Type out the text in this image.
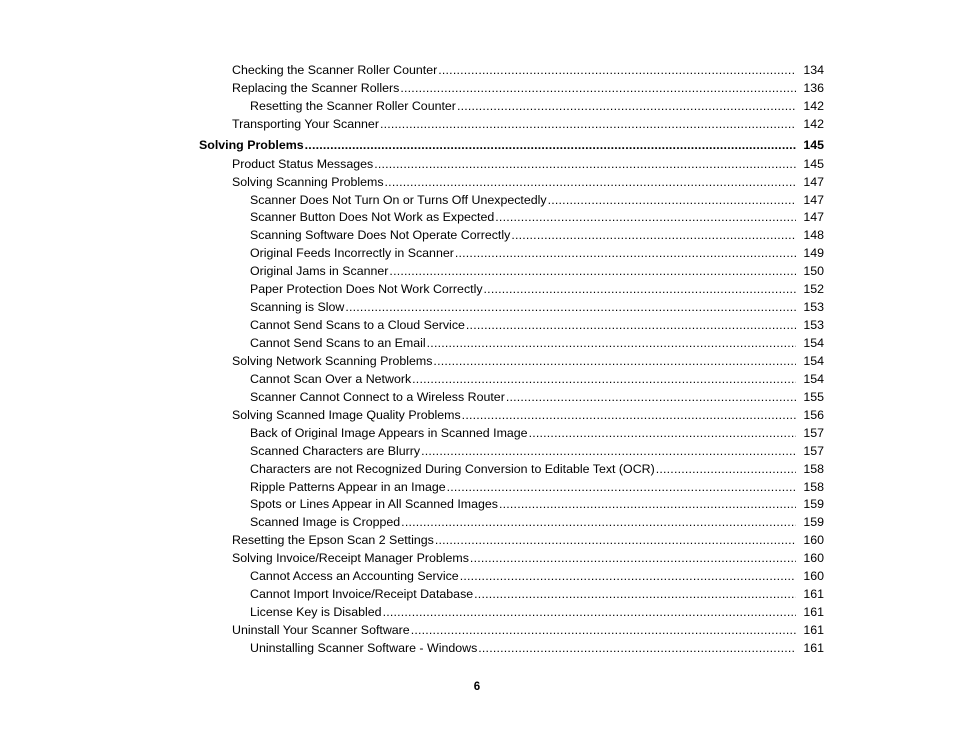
Checking the Scanner Roller Counter .....	134
Replacing the Scanner Rollers .....	136
Resetting the Scanner Roller Counter .....	142
Transporting Your Scanner .....	142
Solving Problems .....	145
Product Status Messages .....	145
Solving Scanning Problems .....	147
Scanner Does Not Turn On or Turns Off Unexpectedly .....	147
Scanner Button Does Not Work as Expected .....	147
Scanning Software Does Not Operate Correctly .....	148
Original Feeds Incorrectly in Scanner .....	149
Original Jams in Scanner .....	150
Paper Protection Does Not Work Correctly .....	152
Scanning is Slow .....	153
Cannot Send Scans to a Cloud Service .....	153
Cannot Send Scans to an Email .....	154
Solving Network Scanning Problems .....	154
Cannot Scan Over a Network .....	154
Scanner Cannot Connect to a Wireless Router .....	155
Solving Scanned Image Quality Problems .....	156
Back of Original Image Appears in Scanned Image .....	157
Scanned Characters are Blurry .....	157
Characters are not Recognized During Conversion to Editable Text (OCR) .....	158
Ripple Patterns Appear in an Image .....	158
Spots or Lines Appear in All Scanned Images .....	159
Scanned Image is Cropped .....	159
Resetting the Epson Scan 2 Settings .....	160
Solving Invoice/Receipt Manager Problems .....	160
Cannot Access an Accounting Service .....	160
Cannot Import Invoice/Receipt Database .....	161
License Key is Disabled .....	161
Uninstall Your Scanner Software .....	161
Uninstalling Scanner Software - Windows .....	161
6
